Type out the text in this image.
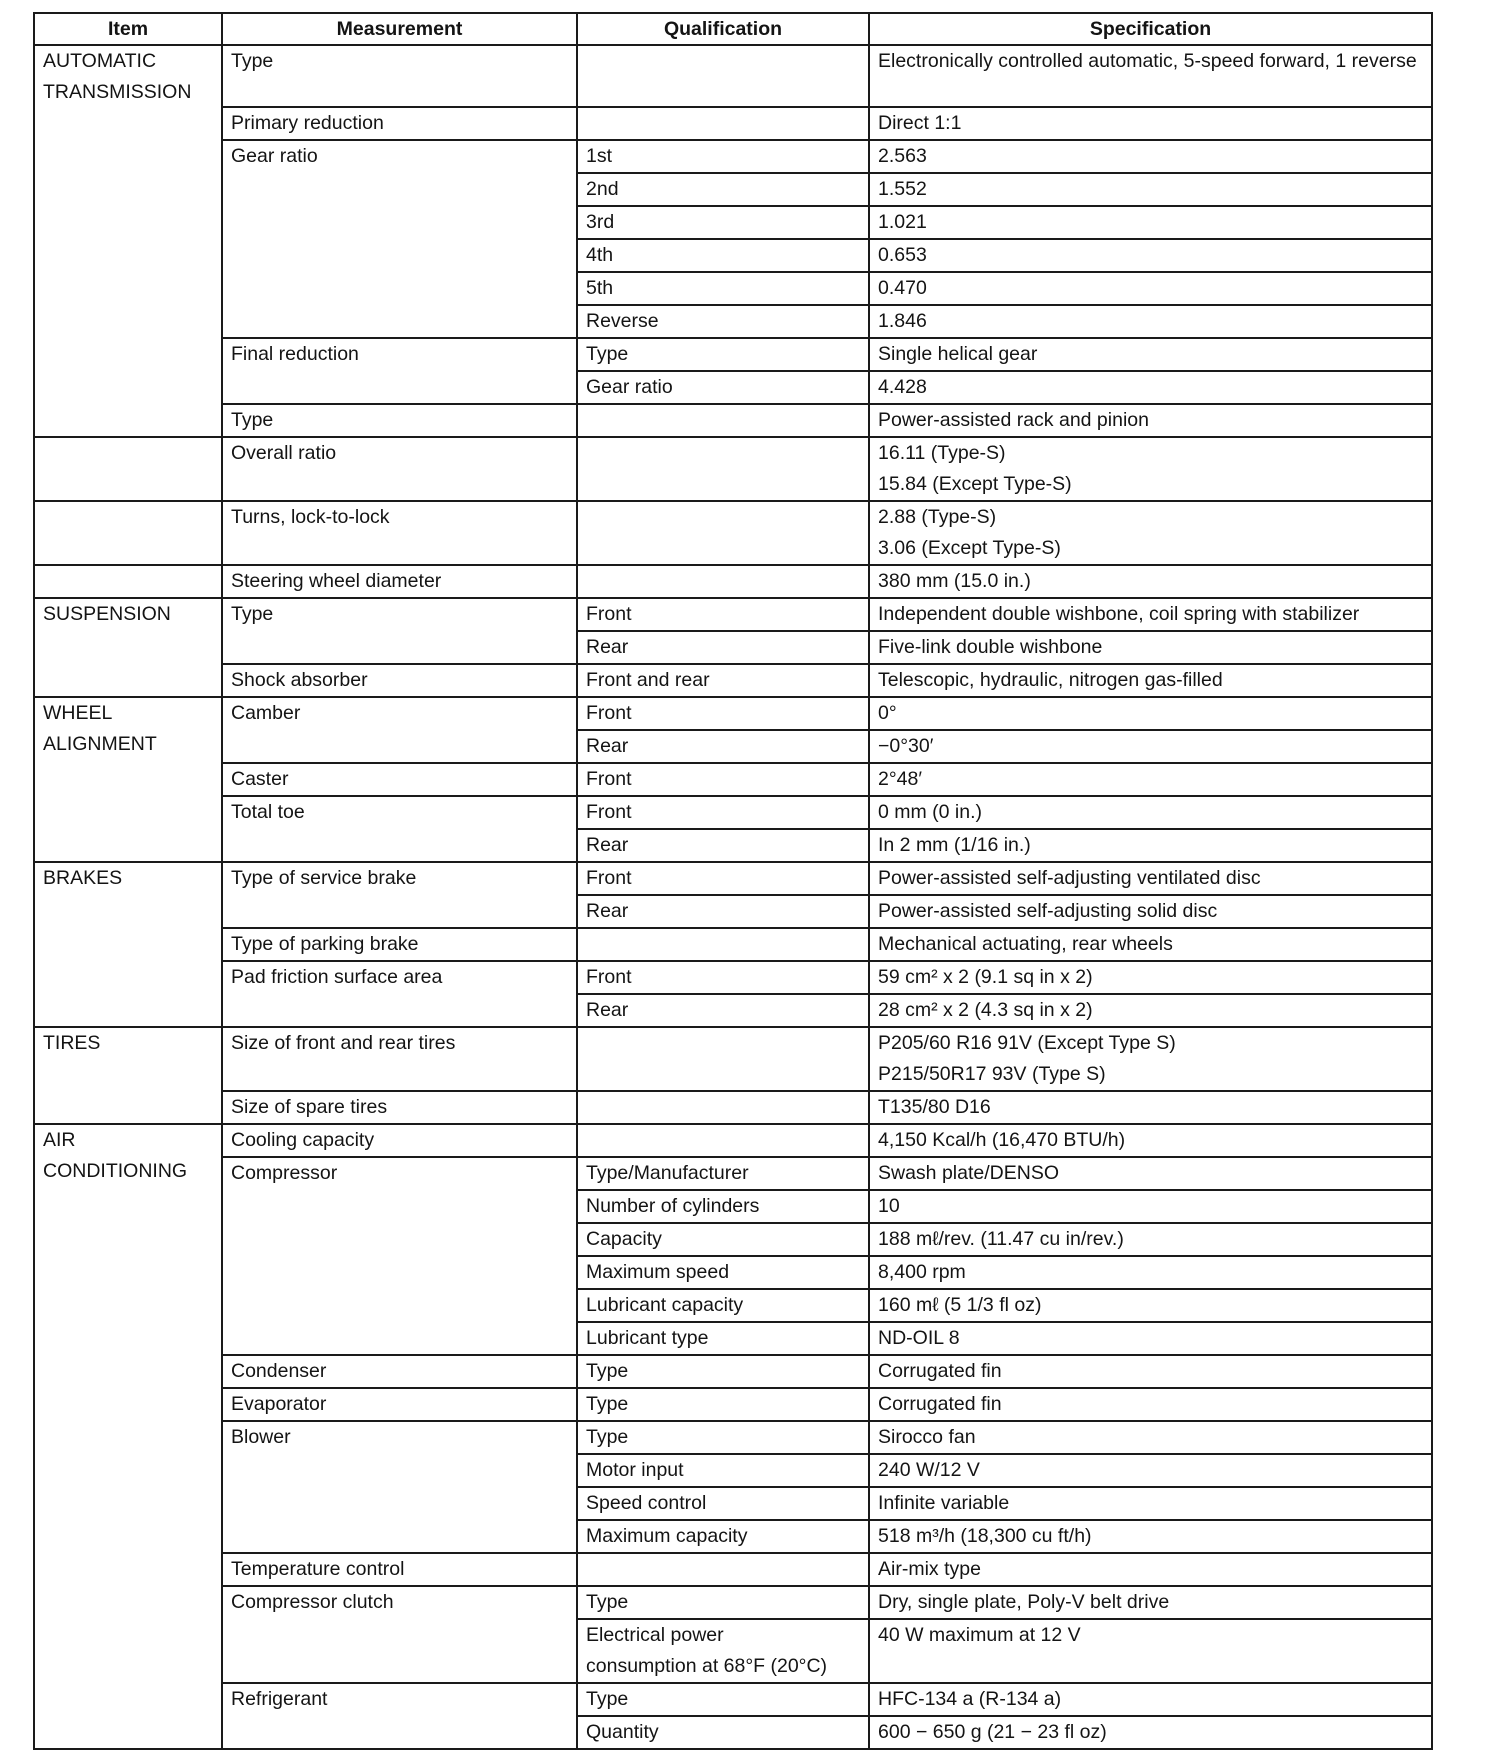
Item	Measurement	Qualification	Specification
AUTOMATIC
TRANSMISSION	Type		Electronically controlled automatic, 5-speed forward, 1 reverse
	Primary reduction		Direct 1:1
	Gear ratio	1st	2.563
		2nd	1.552
		3rd	1.021
		4th	0.653
		5th	0.470
		Reverse	1.846
	Final reduction	Type	Single helical gear
		Gear ratio	4.428
	Type		Power-assisted rack and pinion
	Overall ratio		16.11 (Type-S)
15.84 (Except Type-S)
	Turns, lock-to-lock		2.88 (Type-S)
3.06 (Except Type-S)
	Steering wheel diameter		380 mm (15.0 in.)
SUSPENSION	Type	Front	Independent double wishbone, coil spring with stabilizer
		Rear	Five-link double wishbone
	Shock absorber	Front and rear	Telescopic, hydraulic, nitrogen gas-filled
WHEEL
ALIGNMENT	Camber	Front	0°
		Rear	−0°30′
	Caster	Front	2°48′
	Total toe	Front	0 mm (0 in.)
		Rear	In 2 mm (1/16 in.)
BRAKES	Type of service brake	Front	Power-assisted self-adjusting ventilated disc
		Rear	Power-assisted self-adjusting solid disc
	Type of parking brake		Mechanical actuating, rear wheels
	Pad friction surface area	Front	59 cm² x 2 (9.1 sq in x 2)
		Rear	28 cm² x 2 (4.3 sq in x 2)
TIRES	Size of front and rear tires		P205/60 R16 91V (Except Type S)
P215/50R17 93V (Type S)
	Size of spare tires		T135/80 D16
AIR
CONDITIONING	Cooling capacity		4,150 Kcal/h (16,470 BTU/h)
	Compressor	Type/Manufacturer	Swash plate/DENSO
		Number of cylinders	10
		Capacity	188 mℓ/rev. (11.47 cu in/rev.)
		Maximum speed	8,400 rpm
		Lubricant capacity	160 mℓ (5 1/3 fl oz)
		Lubricant type	ND-OIL 8
	Condenser	Type	Corrugated fin
	Evaporator	Type	Corrugated fin
	Blower	Type	Sirocco fan
		Motor input	240 W/12 V
		Speed control	Infinite variable
		Maximum capacity	518 m³/h (18,300 cu ft/h)
	Temperature control		Air-mix type
	Compressor clutch	Type	Dry, single plate, Poly-V belt drive
		Electrical power
consumption at 68°F (20°C)	40 W maximum at 12 V
	Refrigerant	Type	HFC-134 a (R-134 a)
		Quantity	600 − 650 g (21 − 23 fl oz)
